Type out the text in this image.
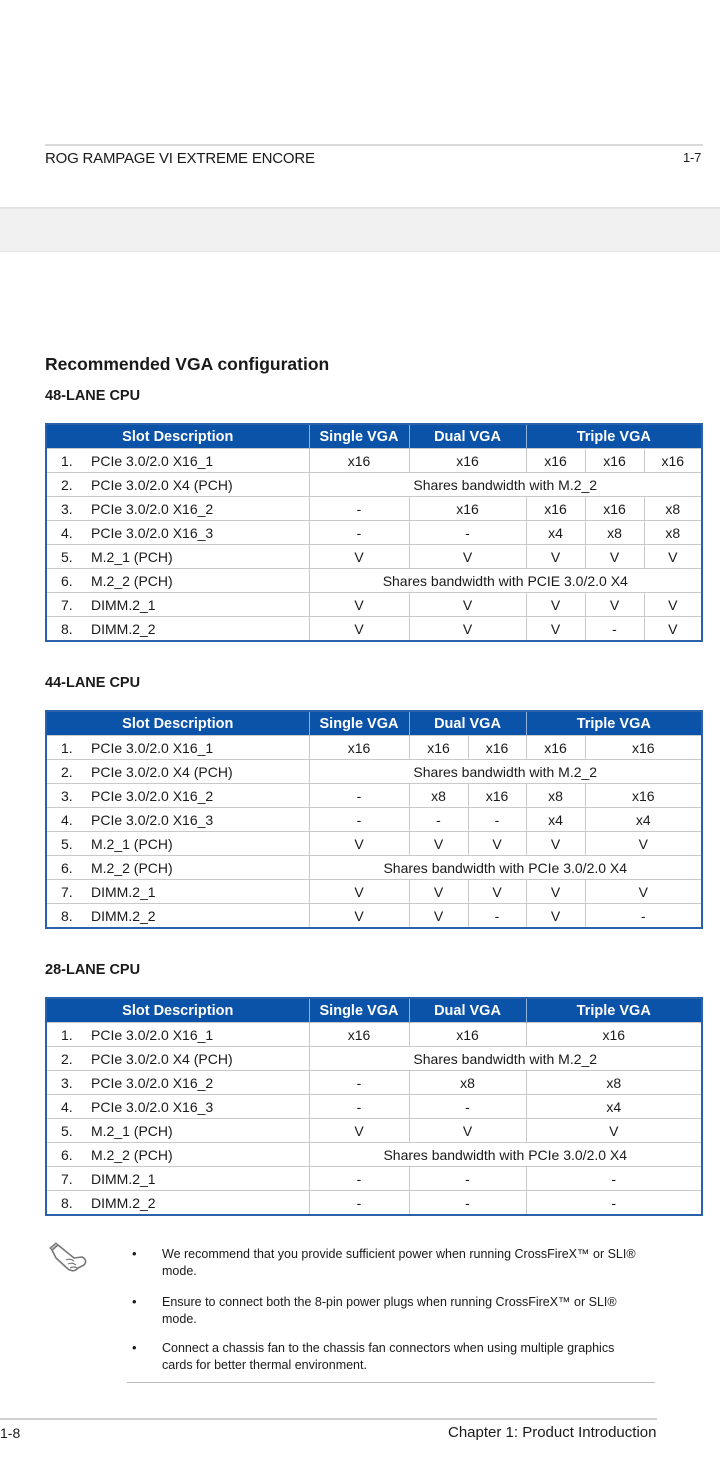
ROG RAMPAGE VI EXTREME ENCORE	1-7
Recommended VGA configuration
48-LANE CPU
Slot Description		Single VGA	Dual VGA	Triple VGA		
1.	PCIe 3.0/2.0 X16_1	x16	x16	x16	x16	x16
2.	PCIe 3.0/2.0 X4 (PCH)	Shares bandwidth with M.2_2				
3.	PCIe 3.0/2.0 X16_2	-	x16	x16	x16	x8
4.	PCIe 3.0/2.0 X16_3	-	-	x4	x8	x8
5.	M.2_1 (PCH)	V	V	V	V	V
6.	M.2_2 (PCH)	Shares bandwidth with PCIE 3.0/2.0 X4				
7.	DIMM.2_1	V	V	V	V	V
8.	DIMM.2_2	V	V	V	-	V
44-LANE CPU
Slot Description		Single VGA	Dual VGA		Triple VGA	
1.	PCIe 3.0/2.0 X16_1	x16	x16	x16	x16	x16
2.	PCIe 3.0/2.0 X4 (PCH)	Shares bandwidth with M.2_2				
3.	PCIe 3.0/2.0 X16_2	-	x8	x16	x8	x16
4.	PCIe 3.0/2.0 X16_3	-	-	-	x4	x4
5.	M.2_1 (PCH)	V	V	V	V	V
6.	M.2_2 (PCH)	Shares bandwidth with PCIe 3.0/2.0 X4				
7.	DIMM.2_1	V	V	V	V	V
8.	DIMM.2_2	V	V	-	V	-
28-LANE CPU
Slot Description		Single VGA	Dual VGA	Triple VGA
1.	PCIe 3.0/2.0 X16_1	x16	x16	x16
2.	PCIe 3.0/2.0 X4 (PCH)	Shares bandwidth with M.2_2		
3.	PCIe 3.0/2.0 X16_2	-	x8	x8
4.	PCIe 3.0/2.0 X16_3	-	-	x4
5.	M.2_1 (PCH)	V	V	V
6.	M.2_2 (PCH)	Shares bandwidth with PCIe 3.0/2.0 X4		
7.	DIMM.2_1	-	-	-
8.	DIMM.2_2	-	-	-
• We recommend that you provide sufficient power when running CrossFireX™ or SLI® mode.
• Ensure to connect both the 8-pin power plugs when running CrossFireX™ or SLI® mode.
• Connect a chassis fan to the chassis fan connectors when using multiple graphics cards for better thermal environment.
1-8	Chapter 1: Product Introduction
